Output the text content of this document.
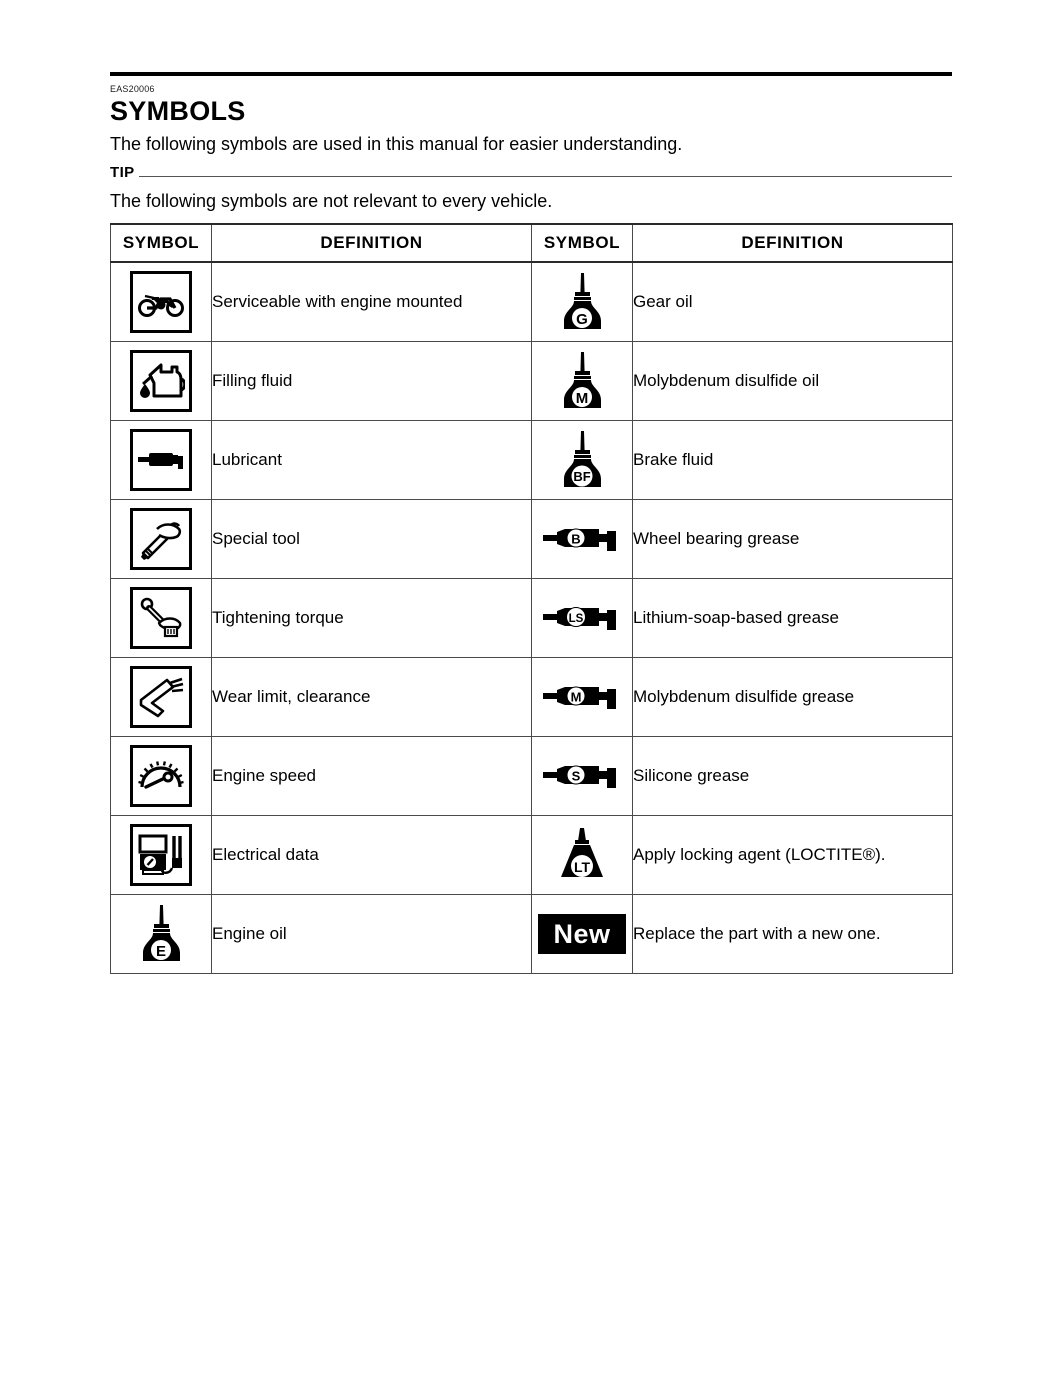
EAS20006
SYMBOLS

The following symbols are used in this manual for easier understanding.

TIP

The following symbols are not relevant to every vehicle.

SYMBOL	DEFINITION	SYMBOL	DEFINITION

	Serviceable with engine mounted	G	Gear oil

	Filling fluid	M	Molybdenum disulfide oil

	Lubricant	BF	Brake fluid

	Special tool	B	Wheel bearing grease

	Tightening torque	LS	Lithium-soap-based grease

	Wear limit, clearance	M	Molybdenum disulfide grease

	Engine speed	S	Silicone grease

	Electrical data	LT	Apply locking agent (LOCTITE®).

E	Engine oil	New	Replace the part with a new one.
